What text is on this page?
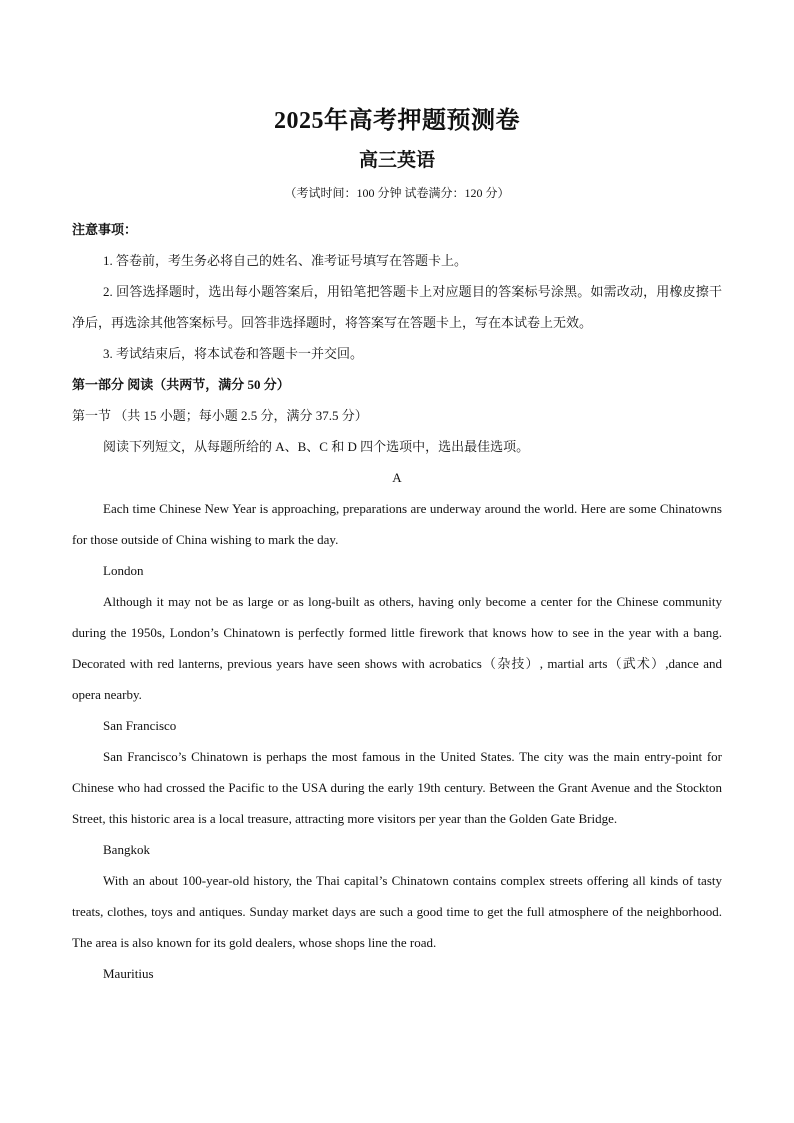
2025年高考押题预测卷
高三英语
（考试时间：100 分钟 试卷满分：120 分）

注意事项：

1. 答卷前，考生务必将自己的姓名、准考证号填写在答题卡上。

2. 回答选择题时，选出每小题答案后，用铅笔把答题卡上对应题目的答案标号涂黑。如需改动，用橡皮擦干净后，再选涂其他答案标号。回答非选择题时，将答案写在答题卡上，写在本试卷上无效。

3. 考试结束后，将本试卷和答题卡一并交回。

第一部分 阅读（共两节，满分 50 分）

第一节 （共 15 小题；每小题 2.5 分，满分 37.5 分）

阅读下列短文，从每题所给的 A、B、C 和 D 四个选项中，选出最佳选项。

A

Each time Chinese New Year is approaching, preparations are underway around the world. Here are some Chinatowns for those outside of China wishing to mark the day.

London

Although it may not be as large or as long-built as others, having only become a center for the Chinese community during the 1950s, London’s Chinatown is perfectly formed little firework that knows how to see in the year with a bang. Decorated with red lanterns, previous years have seen shows with acrobatics（杂技）, martial arts（武术）,dance and opera nearby.

San Francisco

San Francisco’s Chinatown is perhaps the most famous in the United States. The city was the main entry-point for Chinese who had crossed the Pacific to the USA during the early 19th century. Between the Grant Avenue and the Stockton Street, this historic area is a local treasure, attracting more visitors per year than the Golden Gate Bridge.

Bangkok

With an about 100-year-old history, the Thai capital’s Chinatown contains complex streets offering all kinds of tasty treats, clothes, toys and antiques. Sunday market days are such a good time to get the full atmosphere of the neighborhood. The area is also known for its gold dealers, whose shops line the road.

Mauritius
